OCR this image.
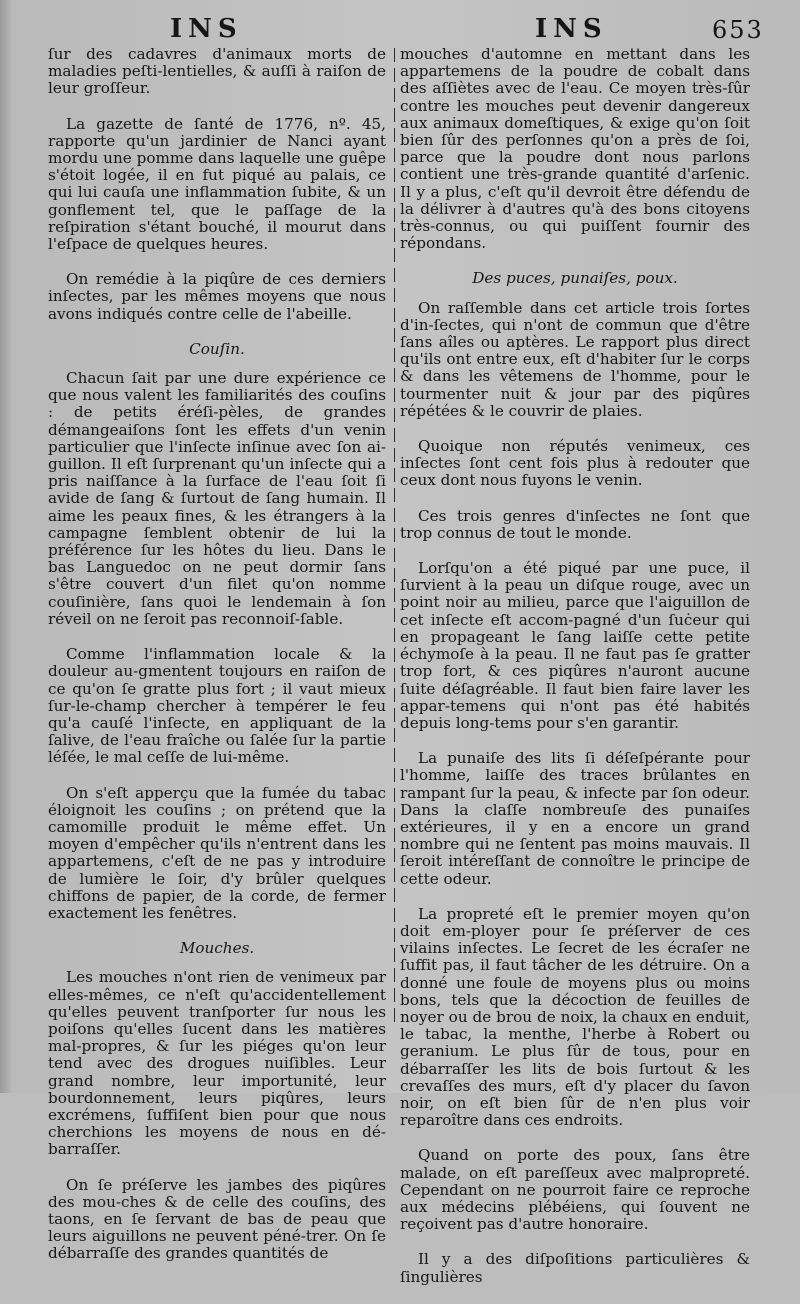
INS	INS	653

ſur des cadavres d'animaux morts de maladies peſti-lentielles, & auſſi à raiſon de leur groſſeur.

La gazette de ſanté de 1776, nº. 45, rapporte qu'un jardinier de Nanci ayant mordu une pomme dans laquelle une guêpe s'étoit logée, il en fut piqué au palais, ce qui lui cauſa une inflammation ſubite, & un gonflement tel, que le paſſage de la reſpiration s'étant bouché, il mourut dans l'eſpace de quelques heures.

On remédie à la piqûre de ces derniers inſectes, par les mêmes moyens que nous avons indiqués contre celle de l'abeille.

Couſin.

Chacun ſait par une dure expérience ce que nous valent les familiarités des couſins : de petits éréſi-pèles, de grandes démangeaiſons ſont les effets d'un venin particulier que l'inſecte inſinue avec ſon ai-guillon. Il eſt ſurprenant qu'un inſecte qui a pris naiſſance à la ſurface de l'eau ſoit ſi avide de ſang & ſurtout de ſang humain. Il aime les peaux fines, & les étrangers à la campagne ſemblent obtenir de lui la préférence ſur les hôtes du lieu. Dans le bas Languedoc on ne peut dormir ſans s'être couvert d'un filet qu'on nomme couſinière, ſans quoi le lendemain à ſon réveil on ne ſeroit pas reconnoiſ-ſable.

Comme l'inflammation locale & la douleur au-gmentent toujours en raiſon de ce qu'on ſe gratte plus fort ; il vaut mieux ſur-le-champ chercher à tempérer le feu qu'a cauſé l'inſecte, en appliquant de la ſalive, de l'eau fraîche ou ſalée ſur la partie léſée, le mal ceſſe de lui-même.

On s'eſt apperçu que la fumée du tabac éloignoit les couſins ; on prétend que la camomille produit le même effet. Un moyen d'empêcher qu'ils n'entrent dans les appartemens, c'eſt de ne pas y introduire de lumière le ſoir, d'y brûler quelques chiffons de papier, de la corde, de fermer exactement les fenêtres.

Mouches.

Les mouches n'ont rien de venimeux par elles-mêmes, ce n'eſt qu'accidentellement qu'elles peuvent tranſporter ſur nous les poiſons qu'elles ſucent dans les matières mal-propres, & ſur les piéges qu'on leur tend avec des drogues nuiſibles. Leur grand nombre, leur importunité, leur bourdonnement, leurs piqûres, leurs excrémens, ſuffiſent bien pour que nous cherchions les moyens de nous en dé-barraſſer.

On ſe préſerve les jambes des piqûres des mou-ches & de celle des couſins, des taons, en ſe ſervant de bas de peau que leurs aiguillons ne peuvent péné-trer. On ſe débarraſſe des grandes quantités de

mouches d'automne en mettant dans les appartemens de la poudre de cobalt dans des aſſiètes avec de l'eau. Ce moyen très-ſûr contre les mouches peut devenir dangereux aux animaux domeſtiques, & exige qu'on ſoit bien ſûr des perſonnes qu'on a près de ſoi, parce que la poudre dont nous parlons contient une très-grande quantité d'arſenic. Il y a plus, c'eſt qu'il devroit être défendu de la délivrer à d'autres qu'à des bons citoyens très-connus, ou qui puiſſent fournir des répondans.

Des puces, punaiſes, poux.

On raſſemble dans cet article trois ſortes d'in-ſectes, qui n'ont de commun que d'être ſans aîles ou aptères. Le rapport plus direct qu'ils ont entre eux, eſt d'habiter ſur le corps & dans les vêtemens de l'homme, pour le tourmenter nuit & jour par des piqûres répétées & le couvrir de plaies.

Quoique non réputés venimeux, ces inſectes ſont cent fois plus à redouter que ceux dont nous fuyons le venin.

Ces trois genres d'inſectes ne ſont que trop connus de tout le monde.

Lorſqu'on a été piqué par une puce, il ſurvient à la peau un diſque rouge, avec un point noir au milieu, parce que l'aiguillon de cet inſecte eſt accom-pagné d'un ſuċeur qui en propageant le ſang laiſſe cette petite échymoſe à la peau. Il ne faut pas ſe gratter trop fort, & ces piqûres n'auront aucune ſuite déſagréable. Il faut bien faire laver les appar-temens qui n'ont pas été habités depuis long-tems pour s'en garantir.

La punaiſe des lits ſi déſeſpérante pour l'homme, laiſſe des traces brûlantes en rampant ſur la peau, & infecte par ſon odeur. Dans la claſſe nombreuſe des punaiſes extérieures, il y en a encore un grand nombre qui ne ſentent pas moins mauvais. Il ſeroit intéreſſant de connoître le principe de cette odeur.

La propreté eſt le premier moyen qu'on doit em-ployer pour ſe préſerver de ces vilains inſectes. Le ſecret de les écraſer ne ſuffit pas, il faut tâcher de les détruire. On a donné une foule de moyens plus ou moins bons, tels que la décoction de feuilles de noyer ou de brou de noix, la chaux en enduit, le tabac, la menthe, l'herbe à Robert ou geranium. Le plus ſûr de tous, pour en débarraſſer les lits de bois ſurtout & les crevaſſes des murs, eſt d'y placer du ſavon noir, on eſt bien ſûr de n'en plus voir reparoître dans ces endroits.

Quand on porte des poux, ſans être malade, on eſt pareſſeux avec malpropreté. Cependant on ne pourroit faire ce reproche aux médecins plébéiens, qui ſouvent ne reçoivent pas d'autre honoraire.

Il y a des diſpoſitions particulières & ſingulières
